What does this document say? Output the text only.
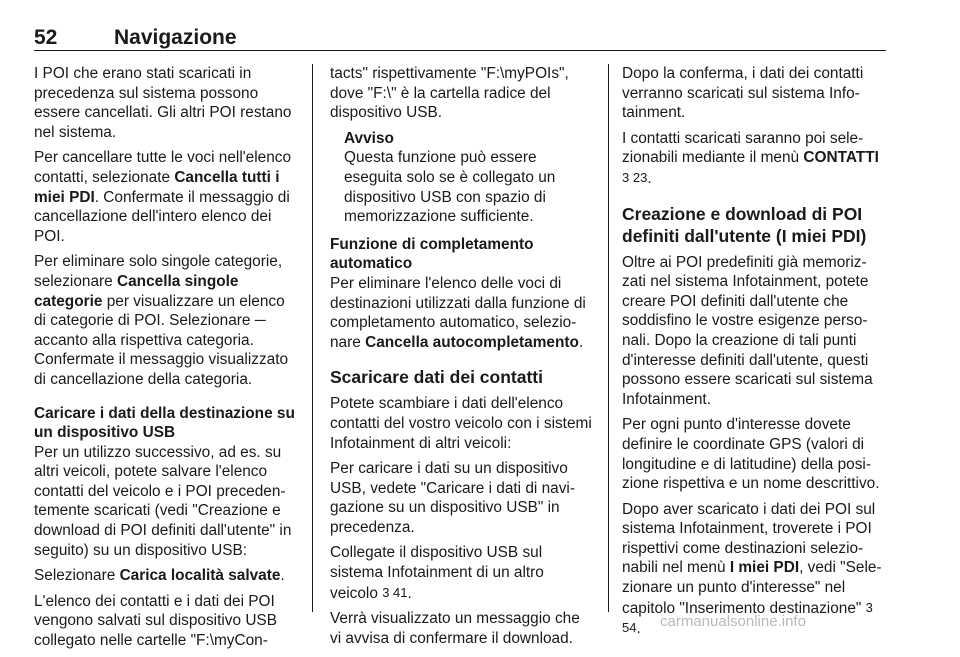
52	Navigazione

I POI che erano stati scaricati in precedenza sul sistema possono essere cancellati. Gli altri POI restano nel sistema.

Per cancellare tutte le voci nell'elenco contatti, selezionate Cancella tutti i miei PDI. Confermate il messaggio di cancellazione dell'intero elenco dei POI.

Per eliminare solo singole categorie, selezionare Cancella singole categorie per visualizzare un elenco di categorie di POI. Selezionare ─ accanto alla rispettiva categoria. Confermate il messaggio visualizzato di cancellazione della categoria.

Caricare i dati della destinazione su un dispositivo USB

Per un utilizzo successivo, ad es. su altri veicoli, potete salvare l'elenco contatti del veicolo e i POI preceden- temente scaricati (vedi "Creazione e download di POI definiti dall'utente" in seguito) su un dispositivo USB:

Selezionare Carica località salvate.

L'elenco dei contatti e i dati dei POI vengono salvati sul dispositivo USB collegato nelle cartelle "F:\myCon-

tacts" rispettivamente "F:\myPOIs", dove "F:\" è la cartella radice del dispositivo USB.

Avviso
Questa funzione può essere eseguita solo se è collegato un dispositivo USB con spazio di memorizzazione sufficiente.
Funzione di completamento automatico

Per eliminare l'elenco delle voci di destinazioni utilizzati dalla funzione di completamento automatico, selezio- nare Cancella autocompletamento.

Scaricare dati dei contatti

Potete scambiare i dati dell'elenco contatti del vostro veicolo con i sistemi Infotainment di altri veicoli:

Per caricare i dati su un dispositivo USB, vedete "Caricare i dati di navi- gazione su un dispositivo USB" in precedenza.

Collegate il dispositivo USB sul sistema Infotainment di un altro veicolo 3 41.

Verrà visualizzato un messaggio che vi avvisa di confermare il download.

Dopo la conferma, i dati dei contatti verranno scaricati sul sistema Info- tainment.

I contatti scaricati saranno poi sele- zionabili mediante il menù CONTATTI 3 23.

Creazione e download di POI definiti dall'utente (I miei PDI)

Oltre ai POI predefiniti già memoriz- zati nel sistema Infotainment, potete creare POI definiti dall'utente che soddisfino le vostre esigenze perso- nali. Dopo la creazione di tali punti d'interesse definiti dall'utente, questi possono essere scaricati sul sistema Infotainment.

Per ogni punto d'interesse dovete definire le coordinate GPS (valori di longitudine e di latitudine) della posi- zione rispettiva e un nome descrittivo.

Dopo aver scaricato i dati dei POI sul sistema Infotainment, troverete i POI rispettivi come destinazioni selezio- nabili nel menù I miei PDI, vedi "Sele- zionare un punto d'interesse" nel capitolo "Inserimento destinazione" 3 54.	carmanualsonline.info
